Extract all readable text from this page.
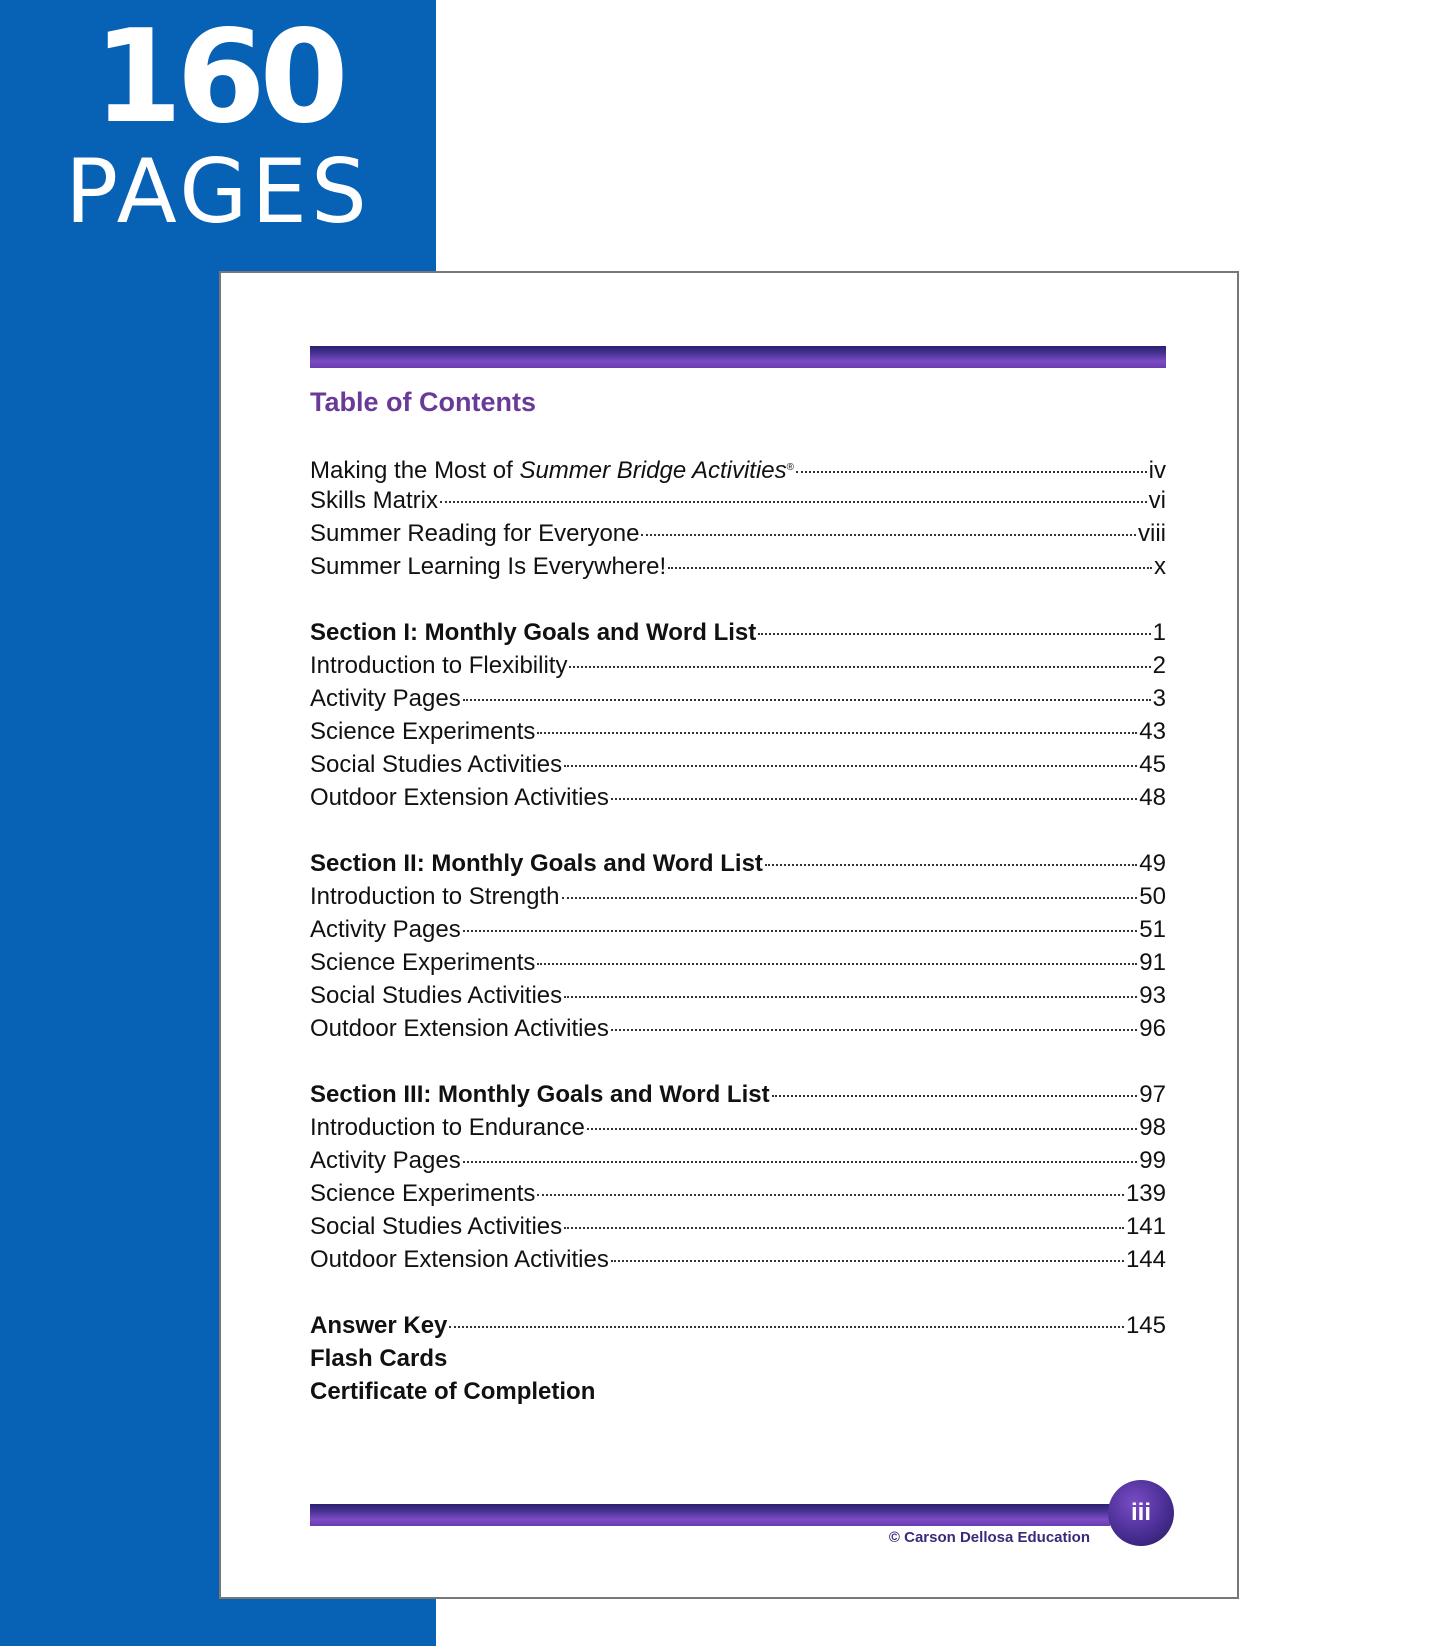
160
PAGES
Table of Contents
Making the Most of Summer Bridge Activities®	iv
Skills Matrix	vi
Summer Reading for Everyone	viii
Summer Learning Is Everywhere!	x
Section I: Monthly Goals and Word List	1
Introduction to Flexibility	2
Activity Pages	3
Science Experiments	43
Social Studies Activities	45
Outdoor Extension Activities	48
Section II: Monthly Goals and Word List	49
Introduction to Strength	50
Activity Pages	51
Science Experiments	91
Social Studies Activities	93
Outdoor Extension Activities	96
Section III: Monthly Goals and Word List	97
Introduction to Endurance	98
Activity Pages	99
Science Experiments	139
Social Studies Activities	141
Outdoor Extension Activities	144
Answer Key	145
Flash Cards
Certificate of Completion
iii
© Carson Dellosa Education
